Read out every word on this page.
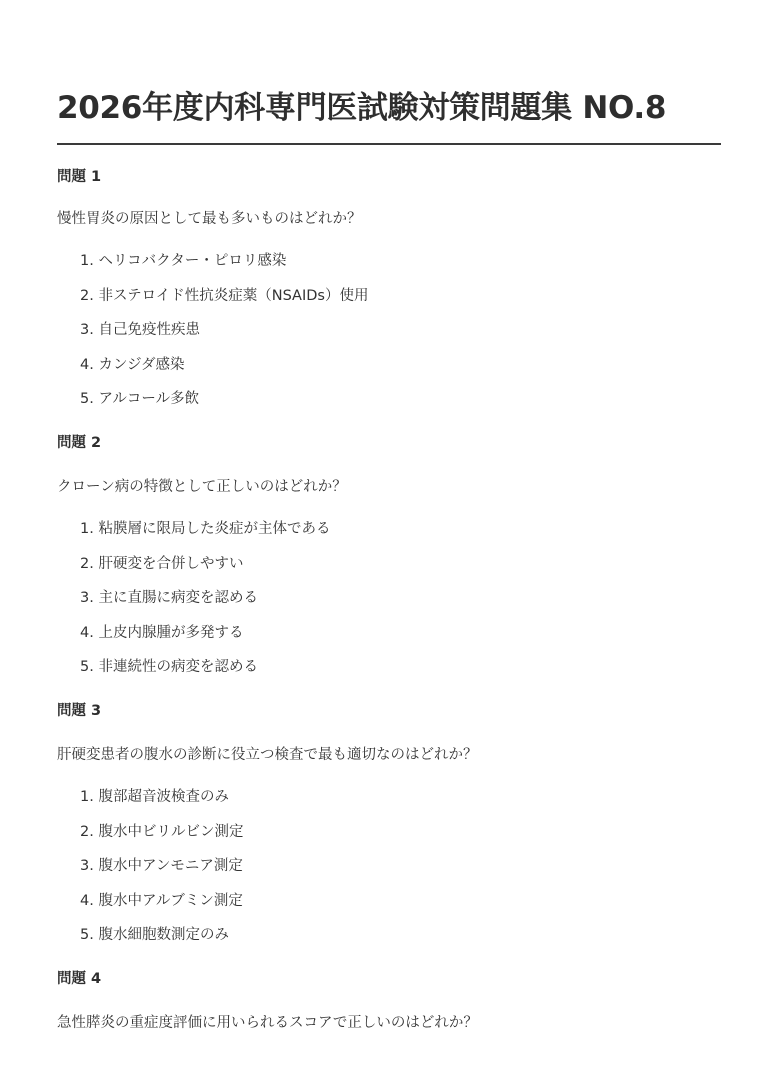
2026年度内科専門医試験対策問題集 NO.8
問題 1
慢性胃炎の原因として最も多いものはどれか？
1. ヘリコバクター・ピロリ感染
2. 非ステロイド性抗炎症薬（NSAIDs）使用
3. 自己免疫性疾患
4. カンジダ感染
5. アルコール多飲
問題 2
クローン病の特徴として正しいのはどれか？
1. 粘膜層に限局した炎症が主体である
2. 肝硬変を合併しやすい
3. 主に直腸に病変を認める
4. 上皮内腺腫が多発する
5. 非連続性の病変を認める
問題 3
肝硬変患者の腹水の診断に役立つ検査で最も適切なのはどれか？
1. 腹部超音波検査のみ
2. 腹水中ビリルビン測定
3. 腹水中アンモニア測定
4. 腹水中アルブミン測定
5. 腹水細胞数測定のみ
問題 4
急性膵炎の重症度評価に用いられるスコアで正しいのはどれか？
